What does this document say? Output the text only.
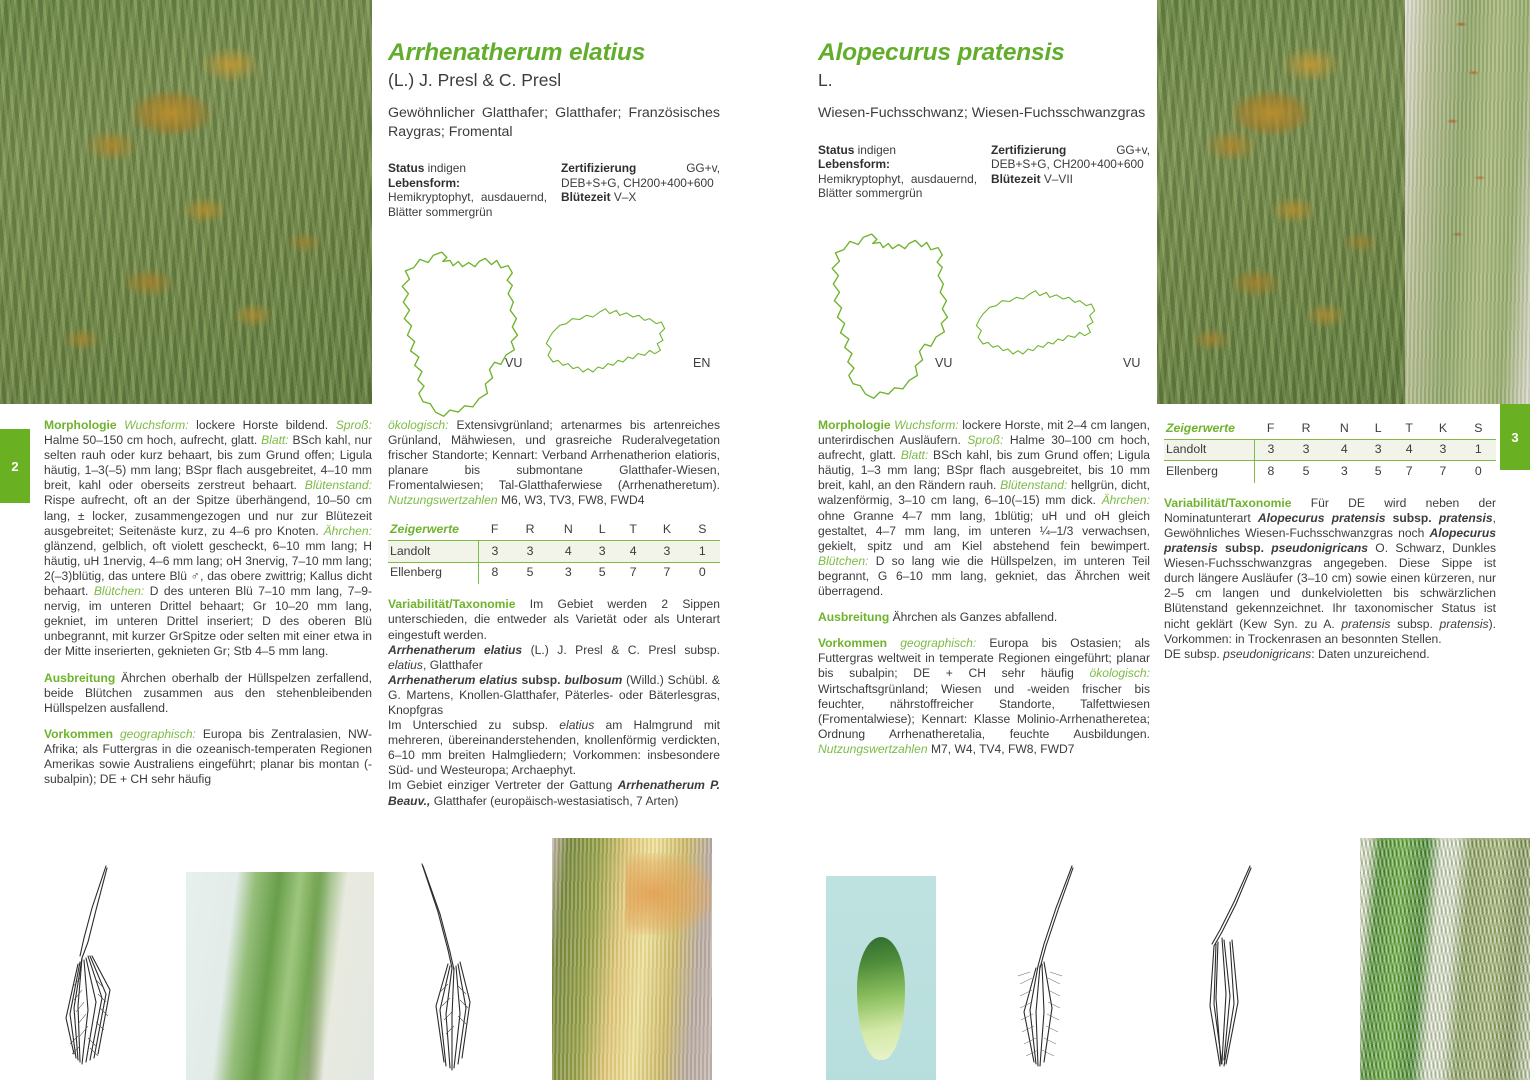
2
3
Arrhenatherum elatius
(L.) J. Presl & C. Presl
Gewöhnlicher Glatthafer; Glatthafer; Französisches Raygras; Fromental
Status indigen
Lebensform: Hemikryptophyt, ausdauernd, Blätter sommergrün
Zertifizierung	GG+v, DEB+S+G, CH200+400+600
Blütezeit V–X
VU	EN
Alopecurus pratensis
L.
Wiesen-Fuchsschwanz; Wiesen-Fuchsschwanzgras
Status indigen
Lebensform: Hemikryptophyt, ausdauernd, Blätter sommergrün
Zertifizierung	GG+v, DEB+S+G, CH200+400+600
Blütezeit V–VII
VU	VU

Morphologie Wuchsform: lockere Horste bildend. Sproß: Halme 50–150 cm hoch, aufrecht, glatt. Blatt: BSch kahl, nur selten rauh oder kurz behaart, bis zum Grund offen; Ligula häutig, 1–3(–5) mm lang; BSpr flach ausgebreitet, 4–10 mm breit, kahl oder oberseits zerstreut behaart. Blütenstand: Rispe aufrecht, oft an der Spitze überhängend, 10–50 cm lang, ± locker, zusammengezogen und nur zur Blütezeit ausgebreitet; Seitenäste kurz, zu 4–6 pro Knoten. Ährchen: glänzend, gelblich, oft violett gescheckt, 6–10 mm lang; H häutig, uH 1nervig, 4–6 mm lang; oH 3nervig, 7–10 mm lang; 2(–3)blütig, das untere Blü ♂, das obere zwittrig; Kallus dicht behaart. Blütchen: D des unteren Blü 7–10 mm lang, 7–9-nervig, im unteren Drittel behaart; Gr 10–20 mm lang, gekniet, im unteren Drittel inseriert; D des oberen Blü unbegrannt, mit kurzer GrSpitze oder selten mit einer etwa in der Mitte inserierten, geknieten Gr; Stb 4–5 mm lang.

Ausbreitung Ährchen oberhalb der Hüllspelzen zerfallend, beide Blütchen zusammen aus den stehenbleibenden Hüllspelzen ausfallend.

Vorkommen geographisch: Europa bis Zentralasien, NW-Afrika; als Futtergras in die ozeanisch-temperaten Regionen Amerikas sowie Australiens eingeführt; planar bis montan (-subalpin); DE + CH sehr häufig

ökologisch: Extensivgrünland; artenarmes bis artenreiches Grünland, Mähwiesen, und grasreiche Ruderalvegetation frischer Standorte; Kennart: Verband Arrhenatherion elatioris, planare bis submontane Glatthafer-Wiesen, Fromentalwiesen; Tal-Glatthaferwiese (Arrhenatheretum). Nutzungswertzahlen M6, W3, TV3, FW8, FWD4

Zeigerwerte	F	R	N	L	T	K	S
Landolt	3	3	4	3	4	3	1
Ellenberg	8	5	3	5	7	7	0

Variabilität/Taxonomie Im Gebiet werden 2 Sippen unterschieden, die entweder als Varietät oder als Unterart eingestuft werden.
Arrhenatherum elatius (L.) J. Presl & C. Presl subsp. elatius, Glatthafer
Arrhenatherum elatius subsp. bulbosum (Willd.) Schübl. & G. Martens, Knollen-Glatthafer, Päterles- oder Bäterlesgras, Knopfgras
Im Unterschied zu subsp. elatius am Halmgrund mit mehreren, übereinanderstehenden, knollenförmig verdickten, 6–10 mm breiten Halmgliedern; Vorkommen: insbesondere Süd- und Westeuropa; Archaephyt.
Im Gebiet einziger Vertreter der Gattung Arrhenatherum P. Beauv., Glatthafer (europäisch-westasiatisch, 7 Arten)

Morphologie Wuchsform: lockere Horste, mit 2–4 cm langen, unterirdischen Ausläufern. Sproß: Halme 30–100 cm hoch, aufrecht, glatt. Blatt: BSch kahl, bis zum Grund offen; Ligula häutig, 1–3 mm lang; BSpr flach ausgebreitet, bis 10 mm breit, kahl, an den Rändern rauh. Blütenstand: hellgrün, dicht, walzenförmig, 3–10 cm lang, 6–10(–15) mm dick. Ährchen: ohne Granne 4–7 mm lang, 1blütig; uH und oH gleich gestaltet, 4–7 mm lang, im unteren ¼–1/3 verwachsen, gekielt, spitz und am Kiel abstehend fein bewimpert. Blütchen: D so lang wie die Hüllspelzen, im unteren Teil begrannt, G 6–10 mm lang, gekniet, das Ährchen weit überragend.

Ausbreitung Ährchen als Ganzes abfallend.

Vorkommen geographisch: Europa bis Ostasien; als Futtergras weltweit in temperate Regionen eingeführt; planar bis subalpin; DE + CH sehr häufig ökologisch: Wirtschaftsgrünland; Wiesen und -weiden frischer bis feuchter, nährstoffreicher Standorte, Talfettwiesen (Fromentalwiese); Kennart: Klasse Molinio-Arrhenatheretea; Ordnung Arrhenatheretalia, feuchte Ausbildungen. Nutzungswertzahlen M7, W4, TV4, FW8, FWD7

Zeigerwerte	F	R	N	L	T	K	S
Landolt	3	3	4	3	4	3	1
Ellenberg	8	5	3	5	7	7	0

Variabilität/Taxonomie Für DE wird neben der Nominatunterart Alopecurus pratensis subsp. pratensis, Gewöhnliches Wiesen-Fuchsschwanzgras noch Alopecurus pratensis subsp. pseudonigricans O. Schwarz, Dunkles Wiesen-Fuchsschwanzgras angegeben. Diese Sippe ist durch längere Ausläufer (3–10 cm) sowie einen kürzeren, nur 2–5 cm langen und dunkelvioletten bis schwärzlichen Blütenstand gekennzeichnet. Ihr taxonomischer Status ist nicht geklärt (Kew Syn. zu A. pratensis subsp. pratensis). Vorkommen: in Trockenrasen an besonnten Stellen.
DE subsp. pseudonigricans: Daten unzureichend.
